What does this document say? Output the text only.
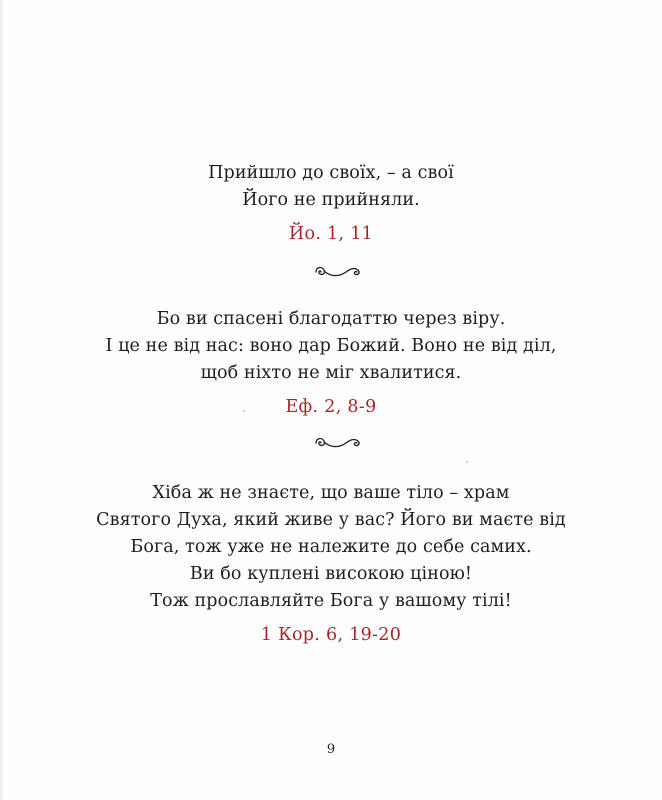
Прийшло до своїх, – а свої
Його не прийняли.
Йо. 1, 11
Бо ви спасені благодаттю через віру.
І це не від нас: воно дар Божий. Воно не від діл,
щоб ніхто не міг хвалитися.
Еф. 2, 8-9
Хіба ж не знаєте, що ваше тіло – храм
Святого Духа, який живе у вас? Його ви маєте від
Бога, тож уже не належите до себе самих.
Ви бо куплені високою ціною!
Тож прославляйте Бога у вашому тілі!
1 Кор. 6, 19-20
9
